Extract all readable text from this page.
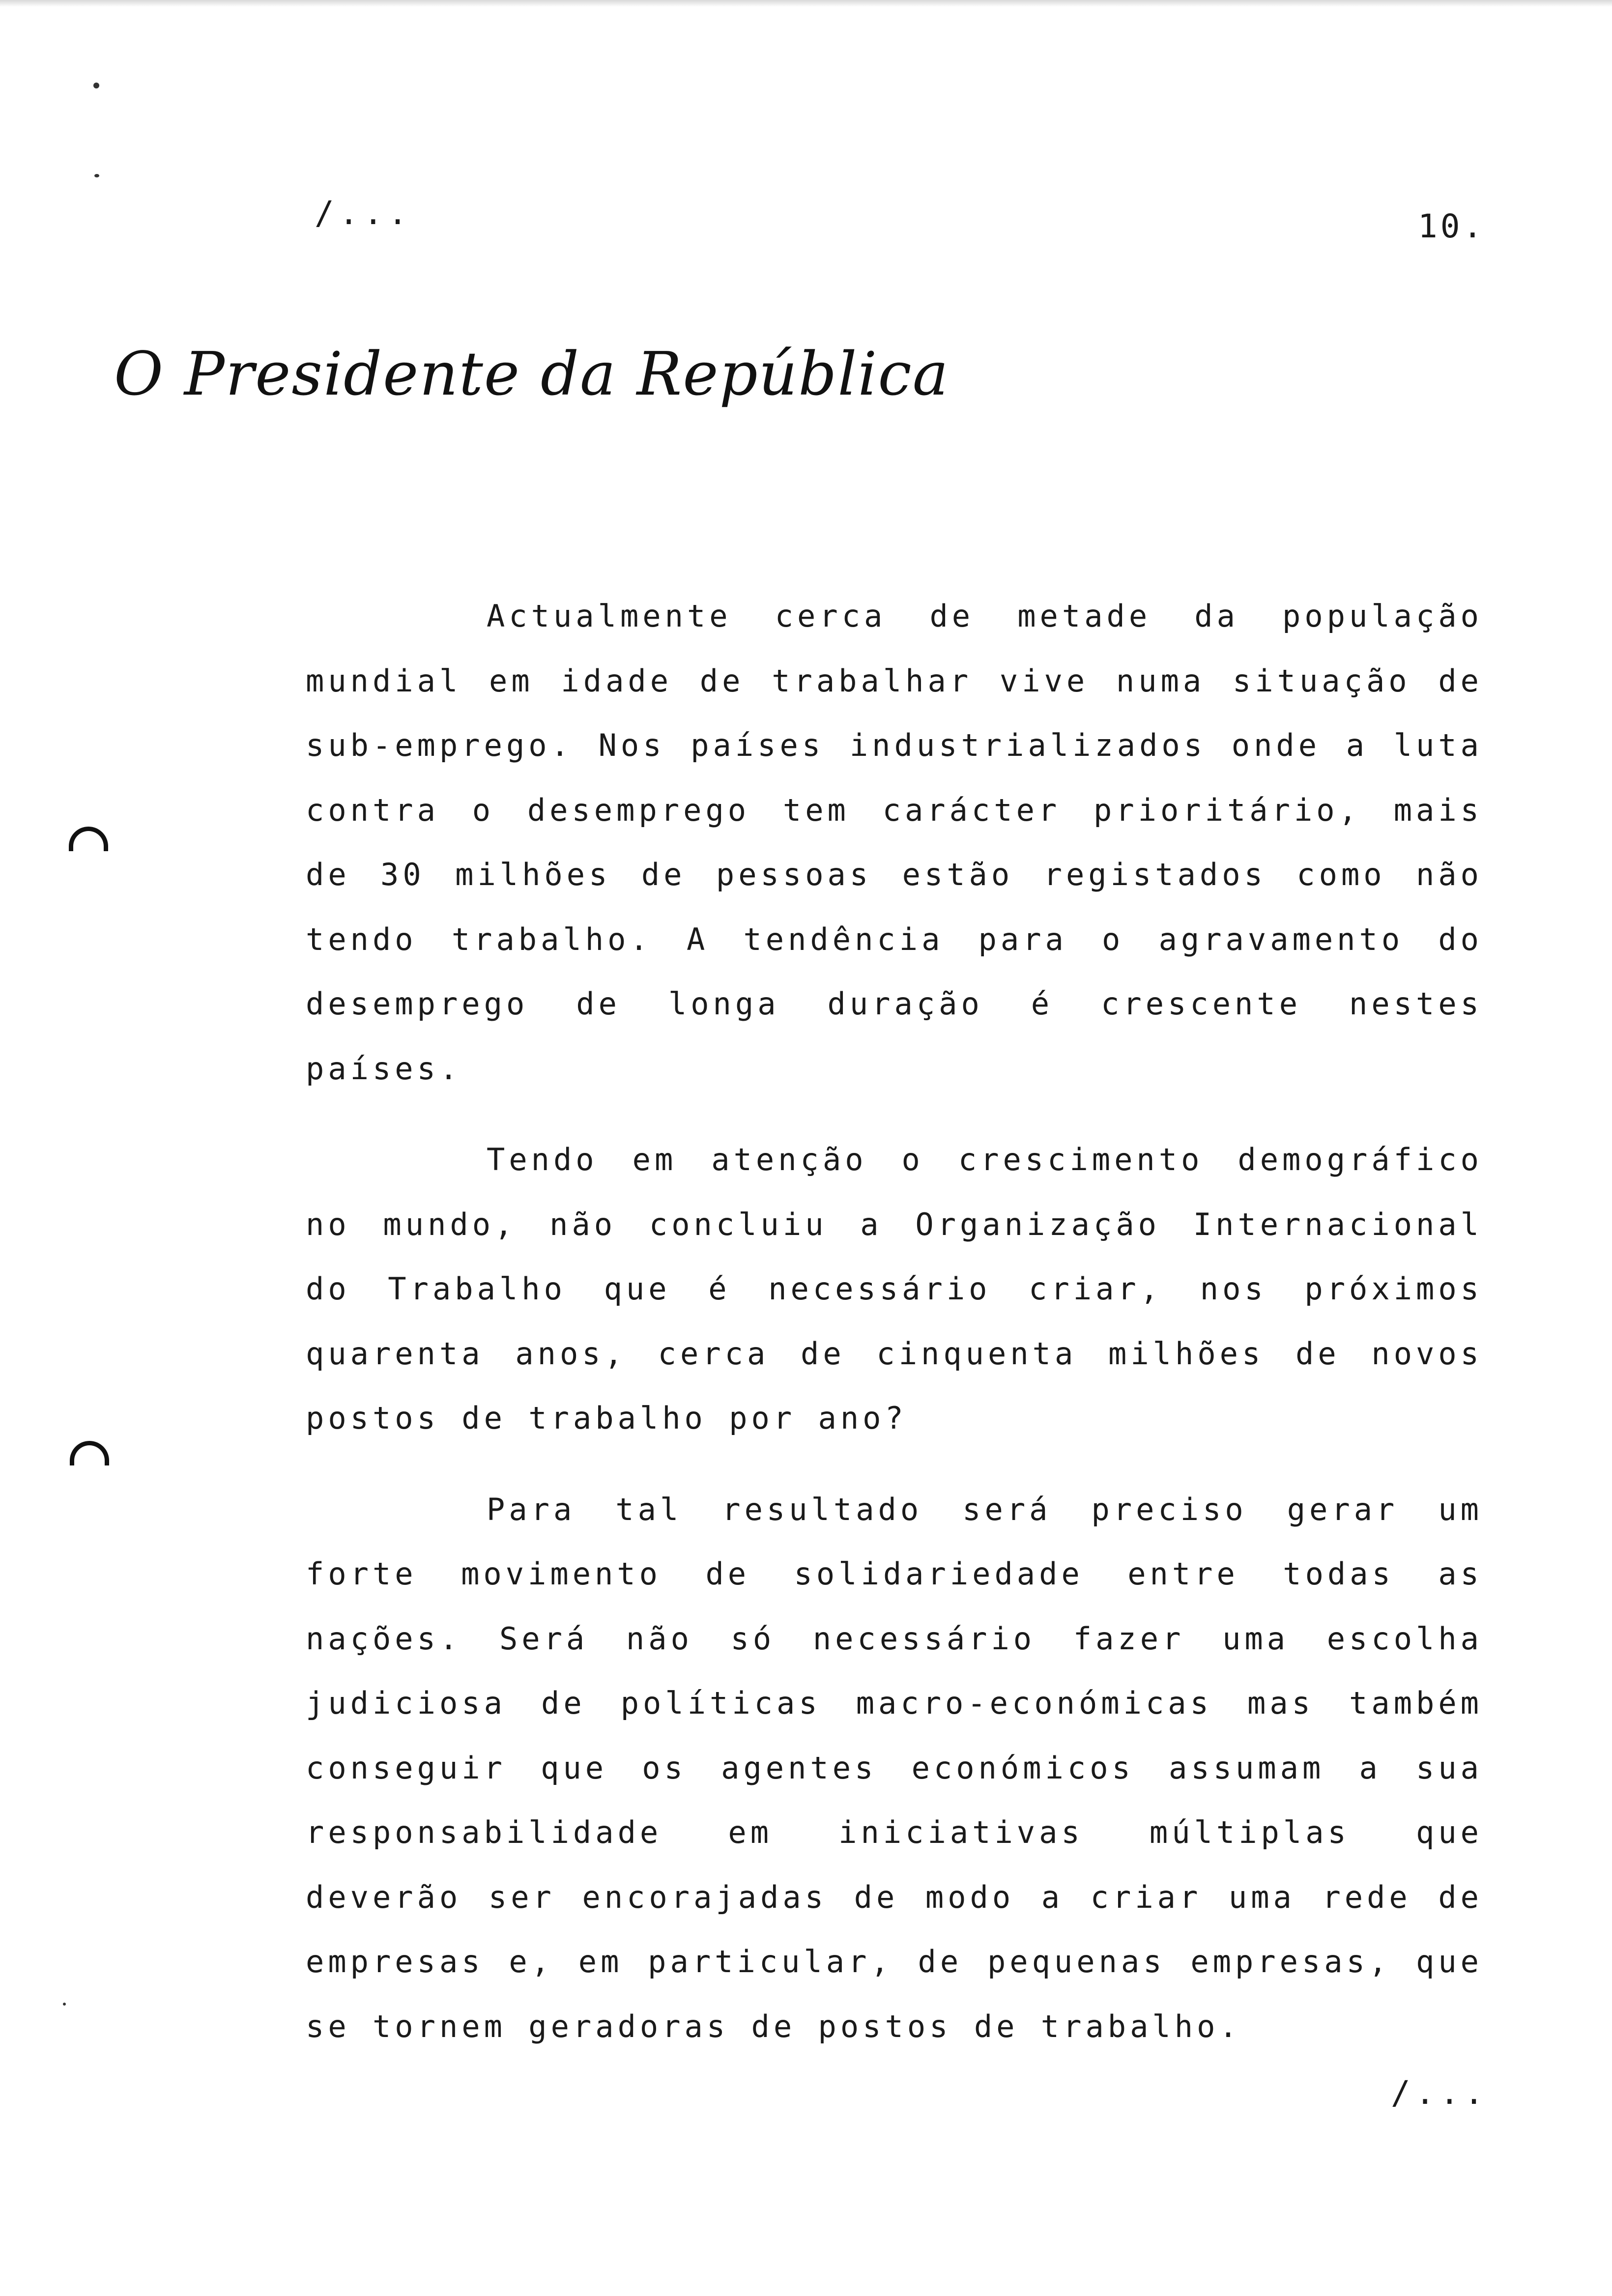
/...	10.
O Presidente da República

Actualmente cerca de metade da população mundial em idade de trabalhar vive numa situação de sub-emprego. Nos países industrializados onde a luta contra o desemprego tem carácter prioritário, mais de 30 milhões de pessoas estão registados como não tendo trabalho. A tendência para o agravamento do desemprego de longa duração é crescente nestes países.

Tendo em atenção o crescimento demográfico no mundo, não concluiu a Organização Internacional do Trabalho que é necessário criar, nos próximos quarenta anos, cerca de cinquenta milhões de novos postos de trabalho por ano?

Para tal resultado será preciso gerar um forte movimento de solidariedade entre todas as nações. Será não só necessário fazer uma escolha judiciosa de políticas macro-económicas mas também conseguir que os agentes económicos assumam a sua responsabilidade em iniciativas múltiplas que deverão ser encorajadas de modo a criar uma rede de empresas e, em particular, de pequenas empresas, que se tornem geradoras de postos de trabalho.

/...
